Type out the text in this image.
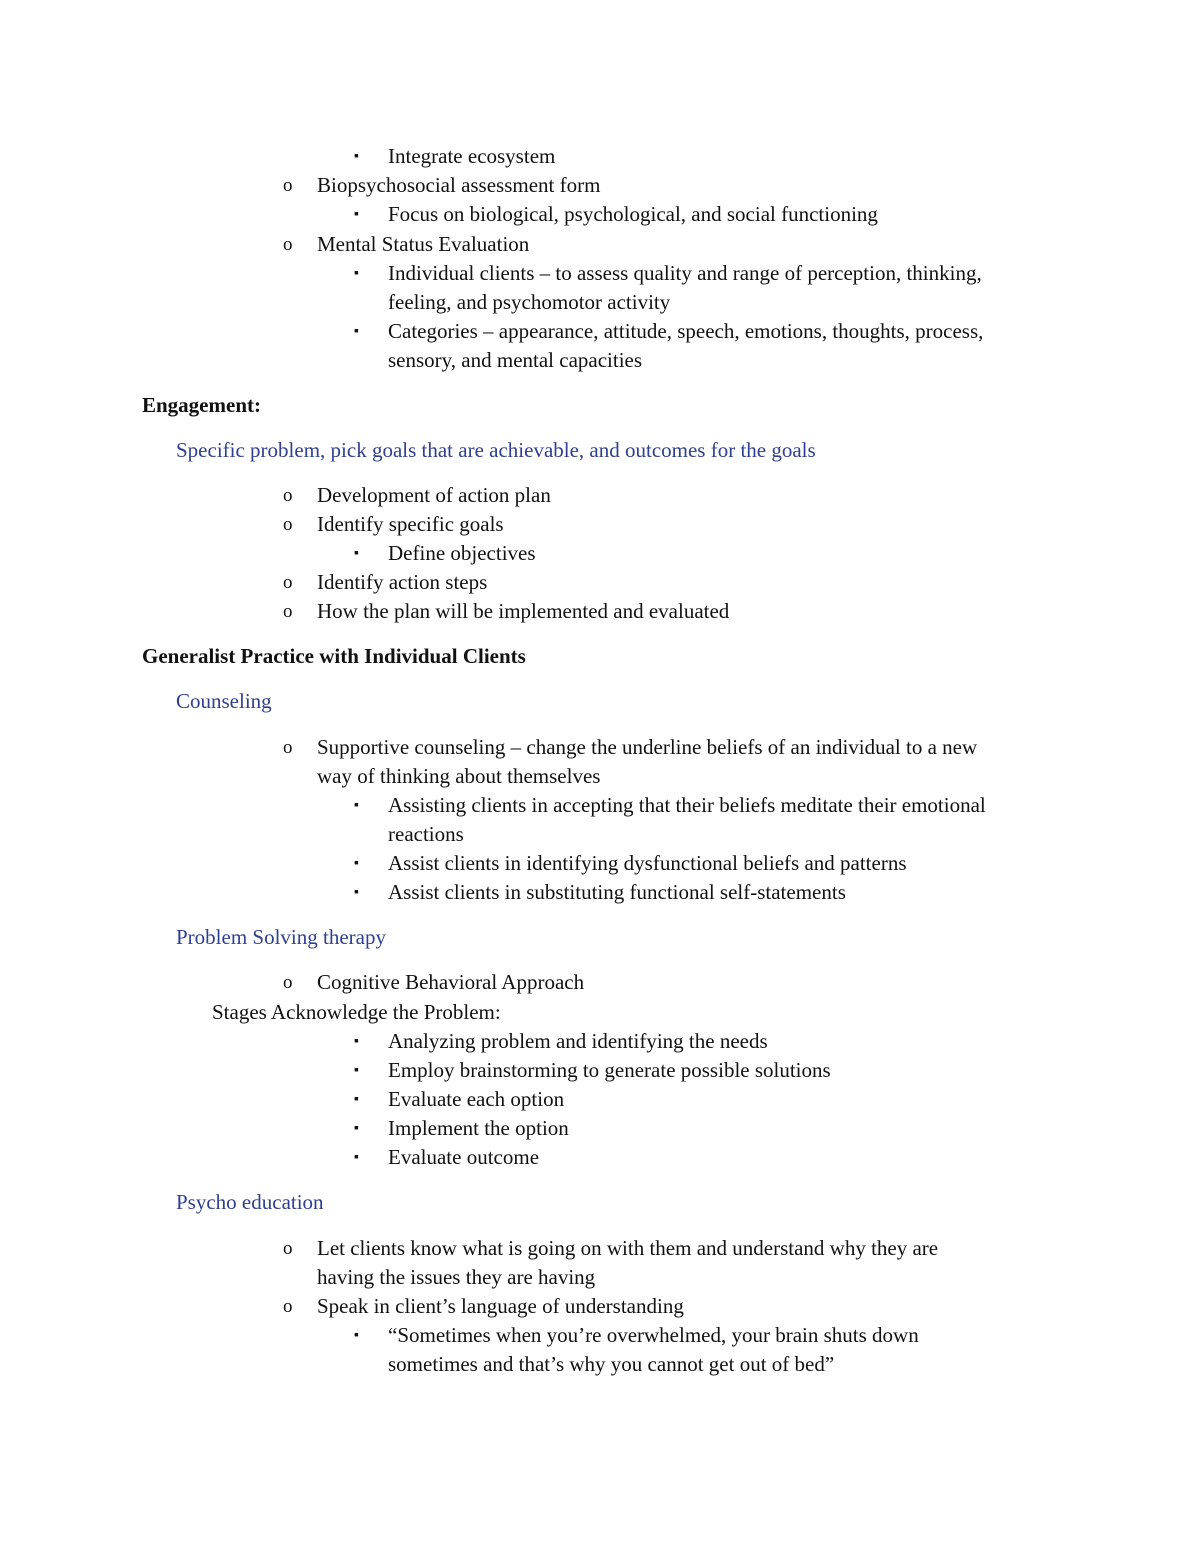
▪ Integrate ecosystem
o Biopsychosocial assessment form
▪ Focus on biological, psychological, and social functioning
o Mental Status Evaluation
▪ Individual clients – to assess quality and range of perception, thinking,
feeling, and psychomotor activity
▪ Categories – appearance, attitude, speech, emotions, thoughts, process,
sensory, and mental capacities
Engagement:
Specific problem, pick goals that are achievable, and outcomes for the goals
o Development of action plan
o Identify specific goals
▪ Define objectives
o Identify action steps
o How the plan will be implemented and evaluated
Generalist Practice with Individual Clients
Counseling
o Supportive counseling – change the underline beliefs of an individual to a new
way of thinking about themselves
▪ Assisting clients in accepting that their beliefs meditate their emotional
reactions
▪ Assist clients in identifying dysfunctional beliefs and patterns
▪ Assist clients in substituting functional self-statements
Problem Solving therapy
o Cognitive Behavioral Approach
Stages Acknowledge the Problem:
▪ Analyzing problem and identifying the needs
▪ Employ brainstorming to generate possible solutions
▪ Evaluate each option
▪ Implement the option
▪ Evaluate outcome
Psycho education
o Let clients know what is going on with them and understand why they are
having the issues they are having
o Speak in client’s language of understanding
▪ “Sometimes when you’re overwhelmed, your brain shuts down
sometimes and that’s why you cannot get out of bed”
